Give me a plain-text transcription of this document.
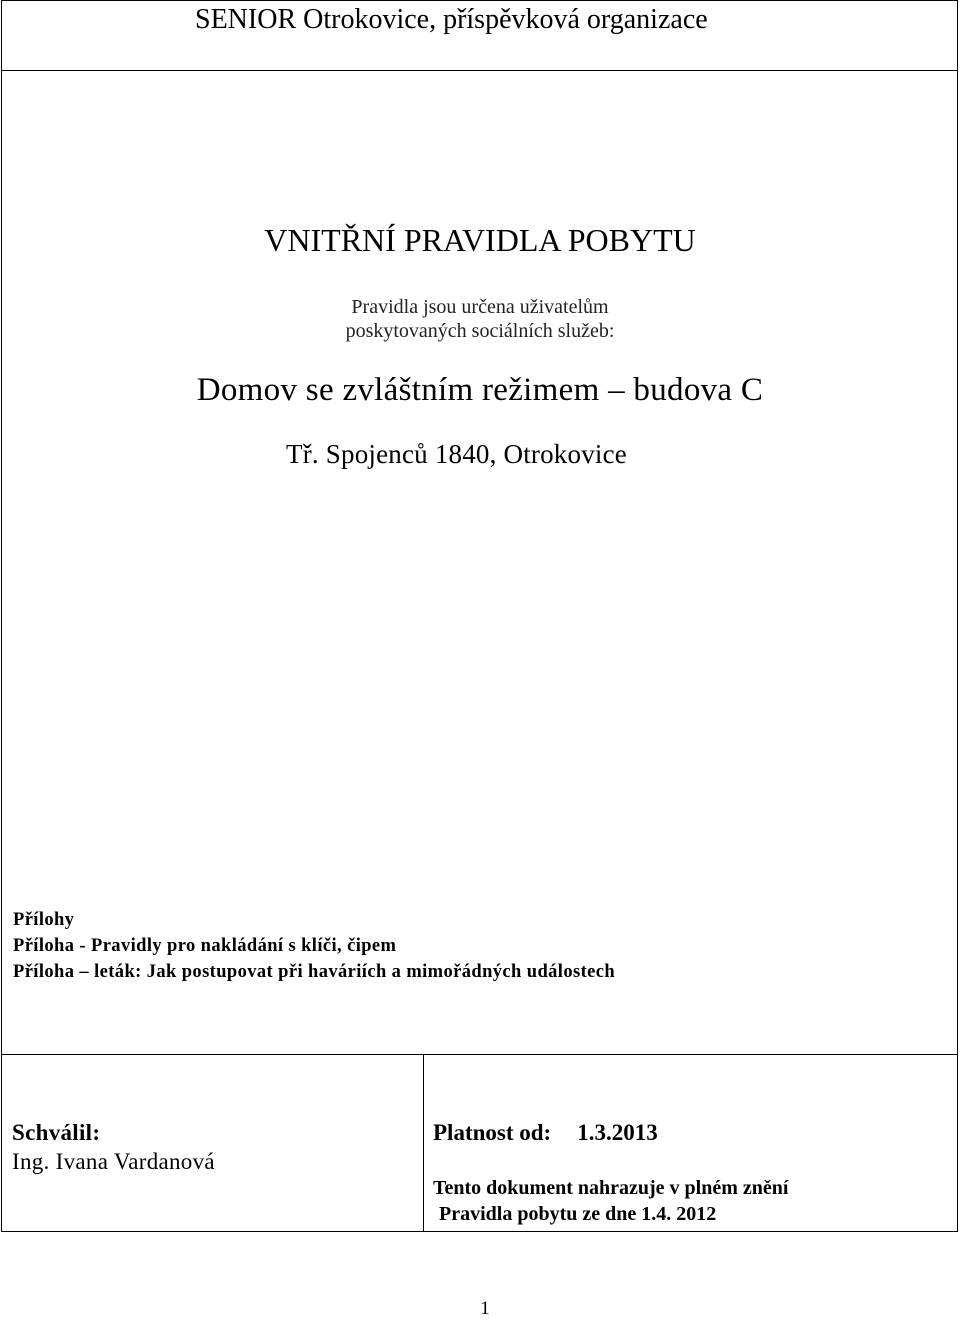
SENIOR Otrokovice, příspěvková organizace
VNITŘNÍ PRAVIDLA POBYTU
Pravidla jsou určena uživatelům
poskytovaných sociálních služeb:
Domov se zvláštním režimem – budova C
Tř. Spojenců 1840, Otrokovice
Přílohy
Příloha - Pravidly pro nakládání s klíči, čipem
Příloha – leták: Jak postupovat při haváriích a mimořádných událostech
Schválil:
Ing. Ivana Vardanová
Platnost od: 1.3.2013
Tento dokument nahrazuje v plném znění
Pravidla pobytu ze dne 1.4. 2012
1
